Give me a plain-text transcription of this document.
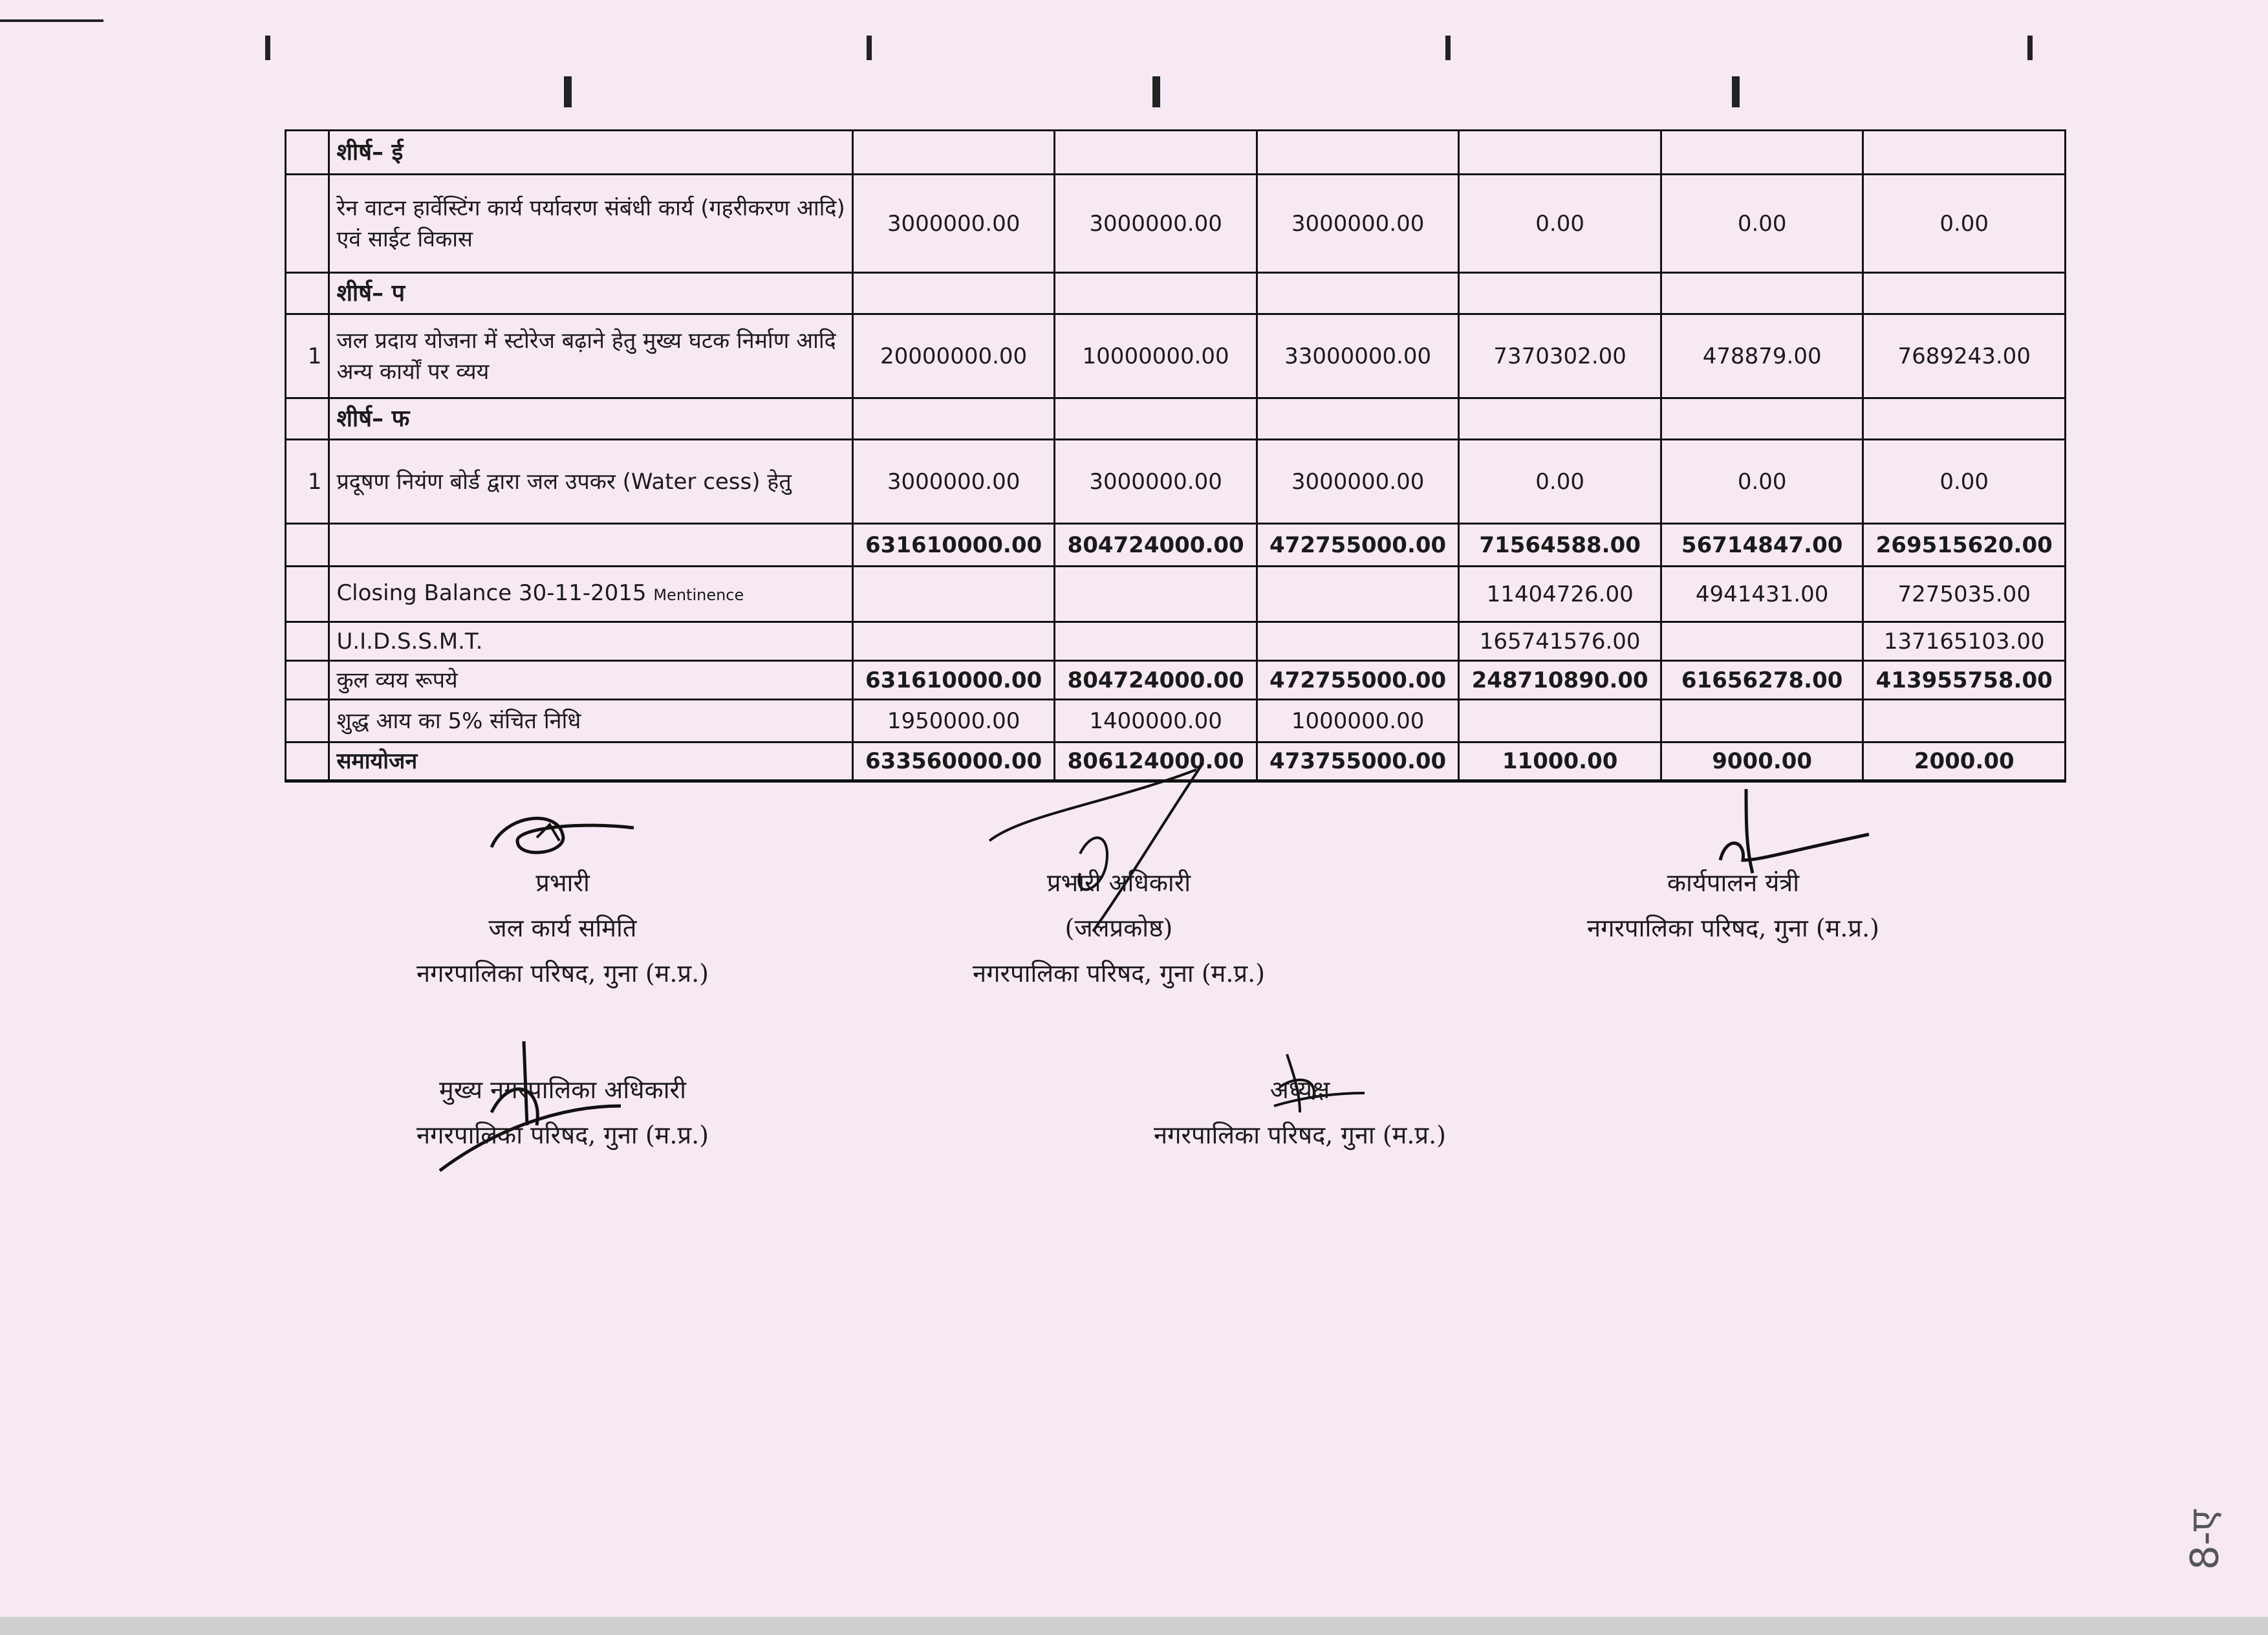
	शीर्ष– ई						
	रेन वाटन हार्वेस्टिंग कार्य पर्यावरण संबंधी कार्य (गहरीकरण आदि) एवं साईट विकास	3000000.00	3000000.00	3000000.00	0.00	0.00	0.00
	शीर्ष– प						
1	जल प्रदाय योजना में स्टोरेज बढ़ाने हेतु मुख्य घटक निर्माण आदि अन्य कार्यों पर व्यय	20000000.00	10000000.00	33000000.00	7370302.00	478879.00	7689243.00
	शीर्ष– फ						
1	प्रदूषण नियंण बोर्ड द्वारा जल उपकर (Water cess) हेतु	3000000.00	3000000.00	3000000.00	0.00	0.00	0.00
		631610000.00	804724000.00	472755000.00	71564588.00	56714847.00	269515620.00
	Closing Balance 30-11-2015 Mentinence				11404726.00	4941431.00	7275035.00
	U.I.D.S.S.M.T.				165741576.00		137165103.00
	कुल व्यय रूपये	631610000.00	804724000.00	472755000.00	248710890.00	61656278.00	413955758.00
	शुद्ध आय का 5% संचित निधि	1950000.00	1400000.00	1000000.00			
	समायोजन	633560000.00	806124000.00	473755000.00	11000.00	9000.00	2000.00
प्रभारी
जल कार्य समिति
नगरपालिका परिषद, गुना (म.प्र.)
प्रभारी अधिकारी
(जलप्रकोष्ठ)
नगरपालिका परिषद, गुना (म.प्र.)
कार्यपालन यंत्री
नगरपालिका परिषद, गुना (म.प्र.)
मुख्य नगरपालिका अधिकारी
नगरपालिका परिषद, गुना (म.प्र.)
अध्यक्ष
नगरपालिका परिषद, गुना (म.प्र.)
8-ए
